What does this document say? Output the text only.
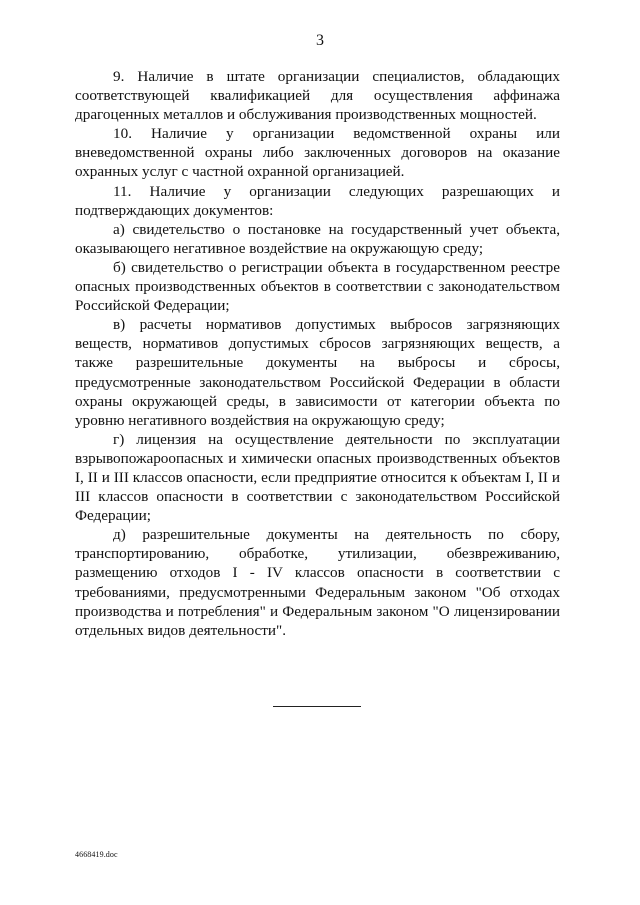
3

9. Наличие в штате организации специалистов, обладающих соответствующей квалификацией для осуществления аффинажа драгоценных металлов и обслуживания производственных мощностей.

10. Наличие у организации ведомственной охраны или вневедомственной охраны либо заключенных договоров на оказание охранных услуг с частной охранной организацией.

11. Наличие у организации следующих разрешающих и подтверждающих документов:

а) свидетельство о постановке на государственный учет объекта, оказывающего негативное воздействие на окружающую среду;

б) свидетельство о регистрации объекта в государственном реестре опасных производственных объектов в соответствии с законодательством Российской Федерации;

в) расчеты нормативов допустимых выбросов загрязняющих веществ, нормативов допустимых сбросов загрязняющих веществ, а также разрешительные документы на выбросы и сбросы, предусмотренные законодательством Российской Федерации в области охраны окружающей среды, в зависимости от категории объекта по уровню негативного воздействия на окружающую среду;

г) лицензия на осуществление деятельности по эксплуатации взрывопожароопасных и химически опасных производственных объектов I, II и III классов опасности, если предприятие относится к объектам I, II и III классов опасности в соответствии с законодательством Российской Федерации;

д) разрешительные документы на деятельность по сбору, транспортированию, обработке, утилизации, обезвреживанию, размещению отходов I - IV классов опасности в соответствии с требованиями, предусмотренными Федеральным законом "Об отходах производства и потребления" и Федеральным законом "О лицензировании отдельных видов деятельности".

4668419.doc
